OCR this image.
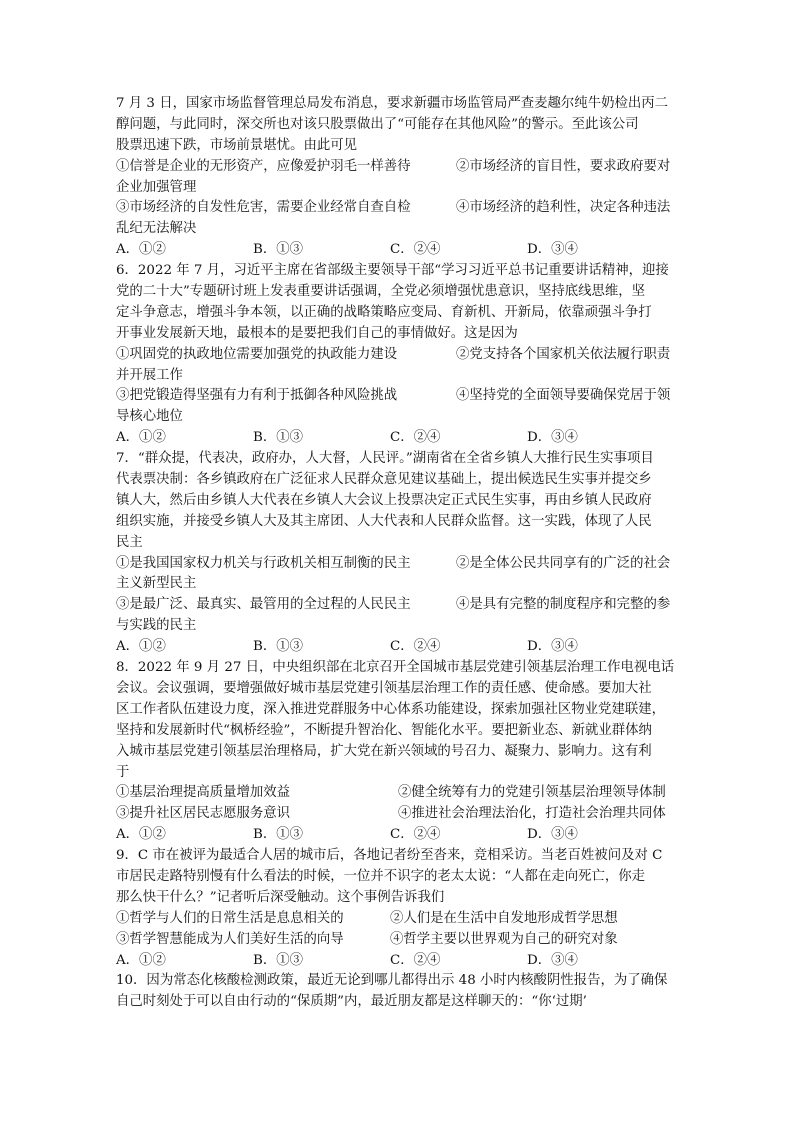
7 月 3 日，国家市场监督管理总局发布消息，要求新疆市场监管局严查麦趣尔纯牛奶检出丙二
醇问题，与此同时，深交所也对该只股票做出了“可能存在其他风险”的警示。至此该公司
股票迅速下跌，市场前景堪忧。由此可见
①信誉是企业的无形资产，应像爱护羽毛一样善待	②市场经济的盲目性，要求政府要对
企业加强管理
③市场经济的自发性危害，需要企业经常自查自检	④市场经济的趋利性，决定各种违法
乱纪无法解决
A．①②	B．①③	C．②④	D．③④
6．2022 年 7 月，习近平主席在省部级主要领导干部“学习习近平总书记重要讲话精神，迎接
党的二十大”专题研讨班上发表重要讲话强调，全党必须增强忧患意识，坚持底线思维，坚
定斗争意志，增强斗争本领，以正确的战略策略应变局、育新机、开新局，依靠顽强斗争打
开事业发展新天地，最根本的是要把我们自己的事情做好。这是因为
①巩固党的执政地位需要加强党的执政能力建设	②党支持各个国家机关依法履行职责
并开展工作
③把党锻造得坚强有力有利于抵御各种风险挑战	④坚持党的全面领导要确保党居于领
导核心地位
A．①②	B．①③	C．②④	D．③④
7．“群众提，代表决，政府办，人大督，人民评。”湖南省在全省乡镇人大推行民生实事项目
代表票决制：各乡镇政府在广泛征求人民群众意见建议基础上，提出候选民生实事并提交乡
镇人大，然后由乡镇人大代表在乡镇人大会议上投票决定正式民生实事，再由乡镇人民政府
组织实施，并接受乡镇人大及其主席团、人大代表和人民群众监督。这一实践，体现了人民
民主
①是我国国家权力机关与行政机关相互制衡的民主	②是全体公民共同享有的广泛的社会
主义新型民主
③是最广泛、最真实、最管用的全过程的人民民主	④是具有完整的制度程序和完整的参
与实践的民主
A．①②	B．①③	C．②④	D．③④
8．2022 年 9 月 27 日，中央组织部在北京召开全国城市基层党建引领基层治理工作电视电话
会议。会议强调，要增强做好城市基层党建引领基层治理工作的责任感、使命感。要加大社
区工作者队伍建设力度，深入推进党群服务中心体系功能建设，探索加强社区物业党建联建，
坚持和发展新时代“枫桥经验”，不断提升智治化、智能化水平。要把新业态、新就业群体纳
入城市基层党建引领基层治理格局，扩大党在新兴领域的号召力、凝聚力、影响力。这有利
于
①基层治理提高质量增加效益	②健全统筹有力的党建引领基层治理领导体制
③提升社区居民志愿服务意识	④推进社会治理法治化，打造社会治理共同体
A．①②	B．①③	C．②④	D．③④
9．C 市在被评为最适合人居的城市后，各地记者纷至沓来，竞相采访。当老百姓被问及对 C
市居民走路特别慢有什么看法的时候，一位并不识字的老太太说：“人都在走向死亡，你走
那么快干什么？”记者听后深受触动。这个事例告诉我们
①哲学与人们的日常生活是息息相关的	②人们是在生活中自发地形成哲学思想
③哲学智慧能成为人们美好生活的向导	④哲学主要以世界观为自己的研究对象
A．①②	B．①③	C．②④	D．③④
10．因为常态化核酸检测政策，最近无论到哪儿都得出示 48 小时内核酸阴性报告，为了确保
自己时刻处于可以自由行动的“保质期”内，最近朋友都是这样聊天的：“你‘过期’
